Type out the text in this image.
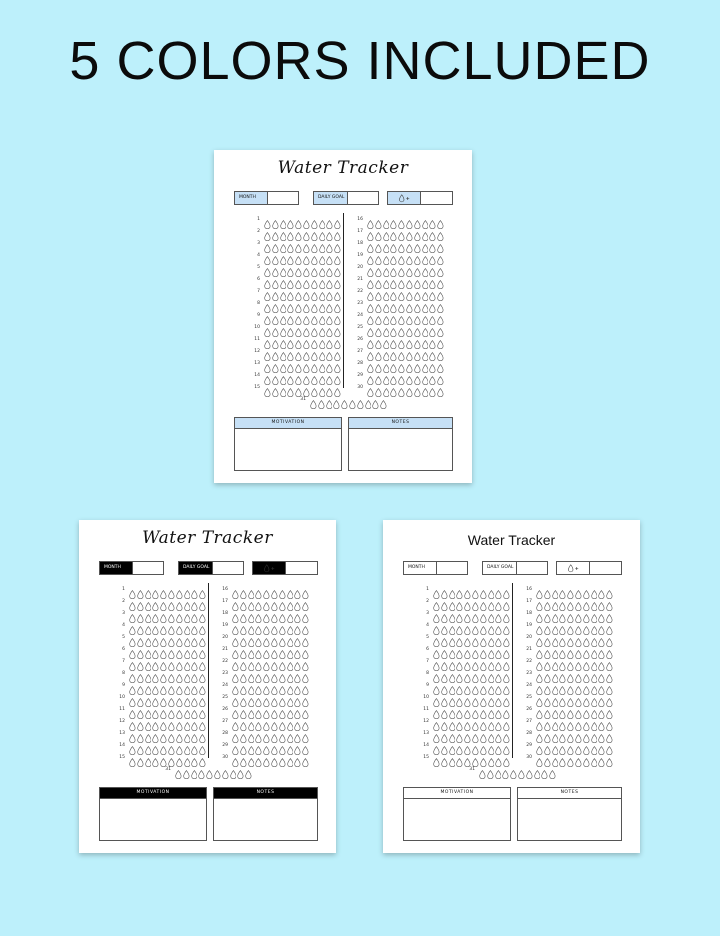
5 COLORS INCLUDED
Water Tracker
MONTH	DAILY GOAL
1
2
3
4
5
6
7
8
9
10
11
12
13
14
15
16
17
18
19
20
21
22
23
24
25
26
27
28
29
30
31
MOTIVATION	NOTES
Water Tracker
MONTH	DAILY GOAL
1
2
3
4
5
6
7
8
9
10
11
12
13
14
15
16
17
18
19
20
21
22
23
24
25
26
27
28
29
30
31
MOTIVATION	NOTES
Water Tracker
MONTH	DAILY GOAL
1
2
3
4
5
6
7
8
9
10
11
12
13
14
15
16
17
18
19
20
21
22
23
24
25
26
27
28
29
30
31
MOTIVATION	NOTES
